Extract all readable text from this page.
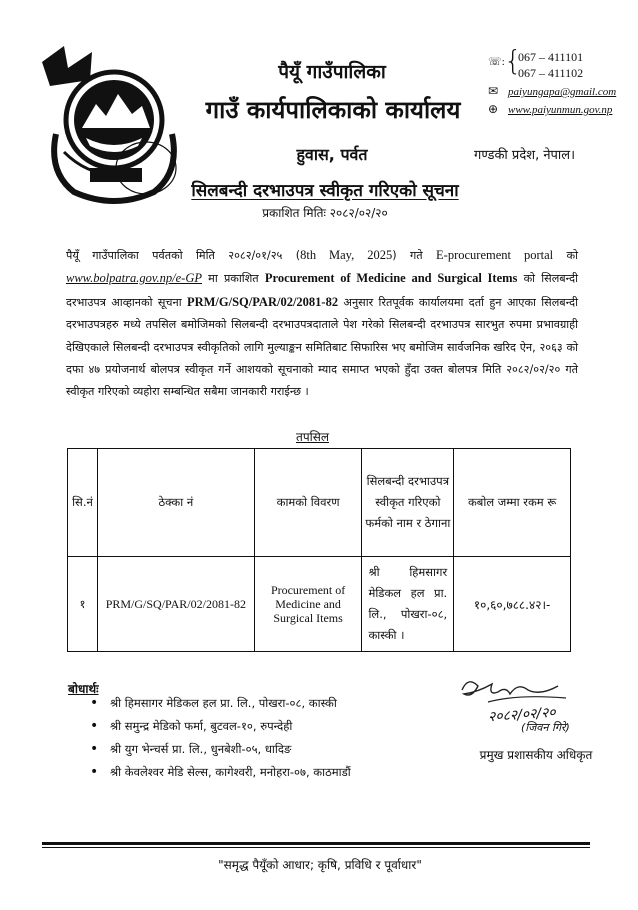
पैयूँ गाउँपालिका
गाउँ कार्यपालिकाको कार्यालय
हुवास, पर्वत
☏: {
067 – 411101
067 – 411102
✉ paiyungapa@gmail.com
⊕ www.paiyunmun.gov.np
गण्डकी प्रदेश, नेपाल।
सिलबन्दी दरभाउपत्र स्वीकृत गरिएको सूचना
प्रकाशित मितिः २०८२/०२/२०
पैयूँ गाउँपालिका पर्वतको मिति २०८२/०१/२५ (8th May, 2025) गते E-procurement portal को www.bolpatra.gov.np/e-GP मा प्रकाशित Procurement of Medicine and Surgical Items को सिलबन्दी दरभाउपत्र आव्हानको सूचना PRM/G/SQ/PAR/02/2081-82 अनुसार रितपूर्वक कार्यालयमा दर्ता हुन आएका सिलबन्दी दरभाउपत्रहरु मध्ये तपसिल बमोजिमको सिलबन्दी दरभाउपत्रदाताले पेश गरेको सिलबन्दी दरभाउपत्र सारभुत रुपमा प्रभावग्राही देखिएकाले सिलबन्दी दरभाउपत्र स्वीकृतिको लागि मुल्याङ्कन समितिबाट सिफारिस भए बमोजिम सार्वजनिक खरिद ऐन, २०६३ को दफा ४७ प्रयोजनार्थ बोलपत्र स्वीकृत गर्ने आशयको सूचनाको म्याद समाप्त भएको हुँदा उक्त बोलपत्र मिति २०८२/०२/२० गते स्वीकृत गरिएको व्यहोरा सम्बन्धित सबैमा जानकारी गराईन्छ ।
तपसिल
सि.नं	ठेक्का नं	कामको विवरण	सिलबन्दी दरभाउपत्र स्वीकृत गरिएको फर्मको नाम र ठेगाना	कबोल जम्मा रकम रू
१	PRM/G/SQ/PAR/02/2081-82	Procurement of Medicine and Surgical Items	श्री हिमसागर मेडिकल हल प्रा. लि., पोखरा-०८, कास्की ।	१०,६०,७८८.४२।-
बोधार्थः
• श्री हिमसागर मेडिकल हल प्रा. लि., पोखरा-०८, कास्की
• श्री समुन्द्र मेडिको फर्मा, बुटवल-१०, रुपन्देही
• श्री युग भेन्चर्स प्रा. लि., धुनबेशी-०५, धादिङ
• श्री केवलेश्वर मेडि सेल्स, कागेश्वरी, मनोहरा-०७, काठमाडौं
२०८२/०२/२०
(जिवन गिरे)
प्रमुख प्रशासकीय अधिकृत
"समृद्ध पैयूँको आधार; कृषि, प्रविधि र पूर्वाधार"
